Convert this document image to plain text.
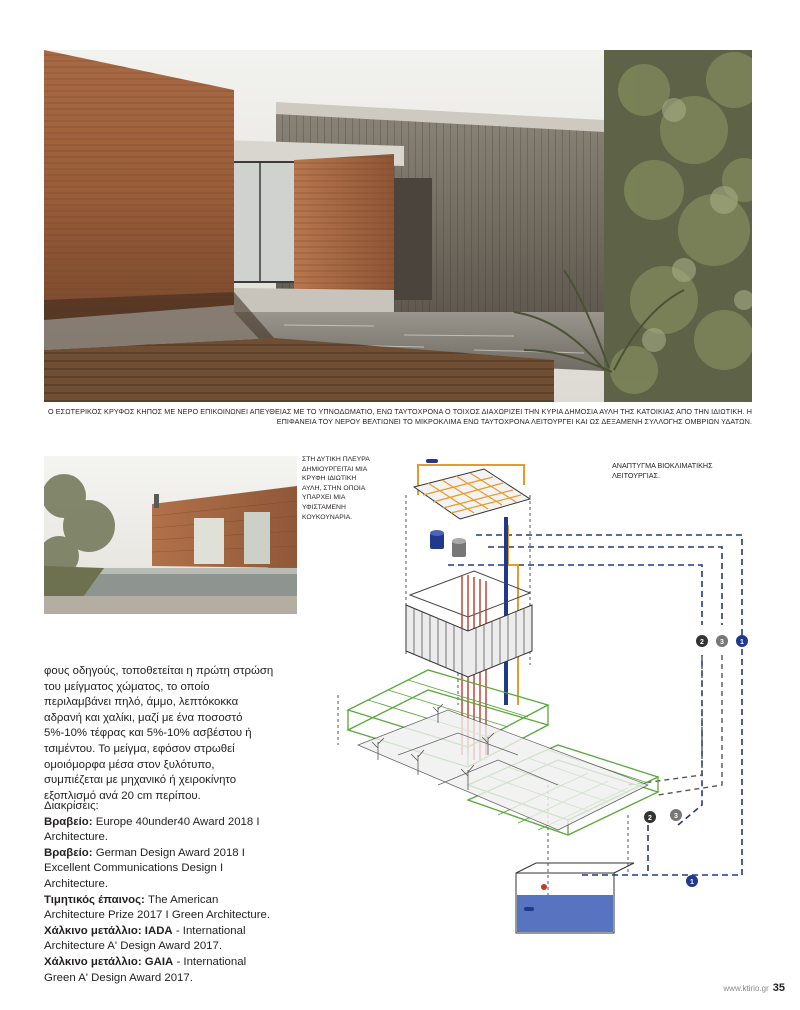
Ο ΕΣΩΤΕΡΙΚΟΣ ΚΡΥΦΟΣ ΚΗΠΟΣ ΜΕ ΝΕΡΟ ΕΠΙΚΟΙΝΩΝΕΙ ΑΠΕΥΘΕΙΑΣ ΜΕ ΤΟ ΥΠΝΟΔΩΜΑΤΙΟ, ΕΝΩ ΤΑΥΤΟΧΡΟΝΑ Ο ΤΟΙΧΟΣ ΔΙΑΧΩΡΙΖΕΙ ΤΗΝ ΚΥΡΙΑ ΔΗΜΟΣΙΑ ΑΥΛΗ ΤΗΣ ΚΑΤΟΙΚΙΑΣ ΑΠΟ ΤΗΝ ΙΔΙΩΤΙΚΗ. Η ΕΠΙΦΑΝΕΙΑ ΤΟΥ ΝΕΡΟΥ ΒΕΛΤΙΩΝΕΙ ΤΟ ΜΙΚΡΟΚΛΙΜΑ ΕΝΩ ΤΑΥΤΟΧΡΟΝΑ ΛΕΙΤΟΥΡΓΕΙ ΚΑΙ ΩΣ ΔΕΞΑΜΕΝΗ ΣΥΛΛΟΓΗΣ ΟΜΒΡΙΩΝ ΥΔΑΤΩΝ.
ΣΤΗ ΔΥΤΙΚΗ ΠΛΕΥΡΑ ΔΗΜΙΟΥΡΓΕΙΤΑΙ ΜΙΑ ΚΡΥΦΗ ΙΔΙΩΤΙΚΗ ΑΥΛΗ, ΣΤΗΝ ΟΠΟΙΑ ΥΠΑΡΧΕΙ ΜΙΑ ΥΦΙΣΤΑΜΕΝΗ ΚΟΥΚΟΥΝΑΡΙΑ.
2 3 1
2	3
1
ΑΝΑΠΤΥΓΜΑ ΒΙΟΚΛΙΜΑΤΙΚΗΣ ΛΕΙΤΟΥΡΓΙΑΣ.

φους οδηγούς, τοποθετείται η πρώτη στρώση του μείγματος χώματος, το οποίο περιλαμβάνει πηλό, άμμο, λεπτόκοκκα αδρανή και χαλίκι, μαζί με ένα ποσοστό 5%-10% τέφρας και 5%-10% ασβέστου ή τσιμέντου. Το μείγμα, εφόσον στρωθεί ομοιόμορφα μέσα στον ξυλότυπο, συμπιέζεται με μηχανικό ή χειροκίνητο εξοπλισμό ανά 20 cm περίπου.

Διακρίσεις:

Βραβείο: Europe 40under40 Award 2018 I Architecture.

Βραβείο: German Design Award 2018 I Excellent Communications Design I Architecture.

Τιμητικός έπαινος: The American Architecture Prize 2017 I Green Architecture.

Χάλκινο μετάλλιο: IADA - International Architecture A' Design Award 2017.

Χάλκινο μετάλλιο: GAIA - International Green A' Design Award 2017.

www.ktirio.gr 35
